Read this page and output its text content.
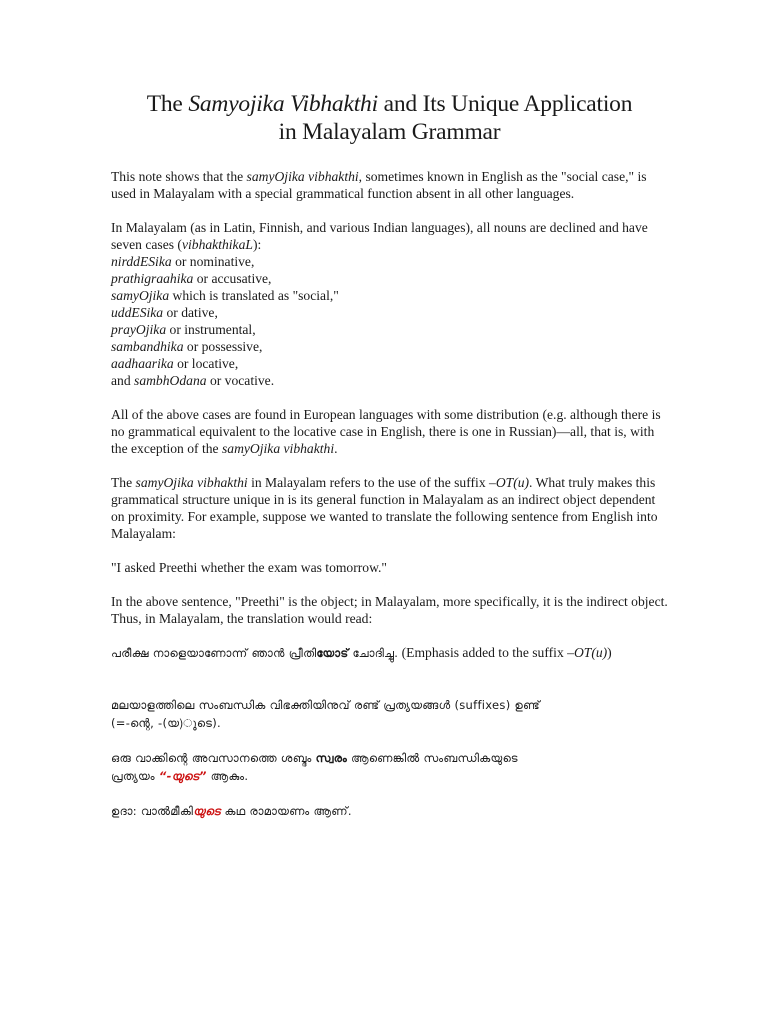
The Samyojika Vibhakthi and Its Unique Application
in Malayalam Grammar

This note shows that the samyOjika vibhakthi, sometimes known in English as the "social case," is used in Malayalam with a special grammatical function absent in all other languages.

In Malayalam (as in Latin, Finnish, and various Indian languages), all nouns are declined and have seven cases (vibhakthikaL):
nirddESika or nominative,
prathigraahika or accusative,
samyOjika which is translated as "social,"
uddESika or dative,
prayOjika or instrumental,
sambandhika or possessive,
aadhaarika or locative,
and sambhOdana or vocative.

All of the above cases are found in European languages with some distribution (e.g. although there is no grammatical equivalent to the locative case in English, there is one in Russian)—all, that is, with the exception of the samyOjika vibhakthi.

The samyOjika vibhakthi in Malayalam refers to the use of the suffix –OT(u). What truly makes this grammatical structure unique in is its general function in Malayalam as an indirect object dependent on proximity. For example, suppose we wanted to translate the following sentence from English into Malayalam:

"I asked Preethi whether the exam was tomorrow."

In the above sentence, "Preethi" is the object; in Malayalam, more specifically, it is the indirect object. Thus, in Malayalam, the translation would read:

പരീക്ഷ നാളെയാണോന്ന് ഞാൻ പ്രീതിയോട് ചോദിച്ചു. (Emphasis added to the suffix –OT(u))

മലയാളത്തിലെ സംബന്ധിക വിഭക്തിയിനുവ് രണ്ട് പ്രത്യയങ്ങൾ (suffixes) ഉണ്ട്
(=-ന്റെ, -(യ)ുടെ).

ഒരു വാക്കിന്റെ അവസാനത്തെ ശബ്ദം സ്വരം ആണെങ്കിൽ സംബന്ധികയുടെ
പ്രത്യയം “-യുടെ” ആകും.

ഉദാ: വാൽമീകിയുടെ കഥ രാമായണം ആണ്.
